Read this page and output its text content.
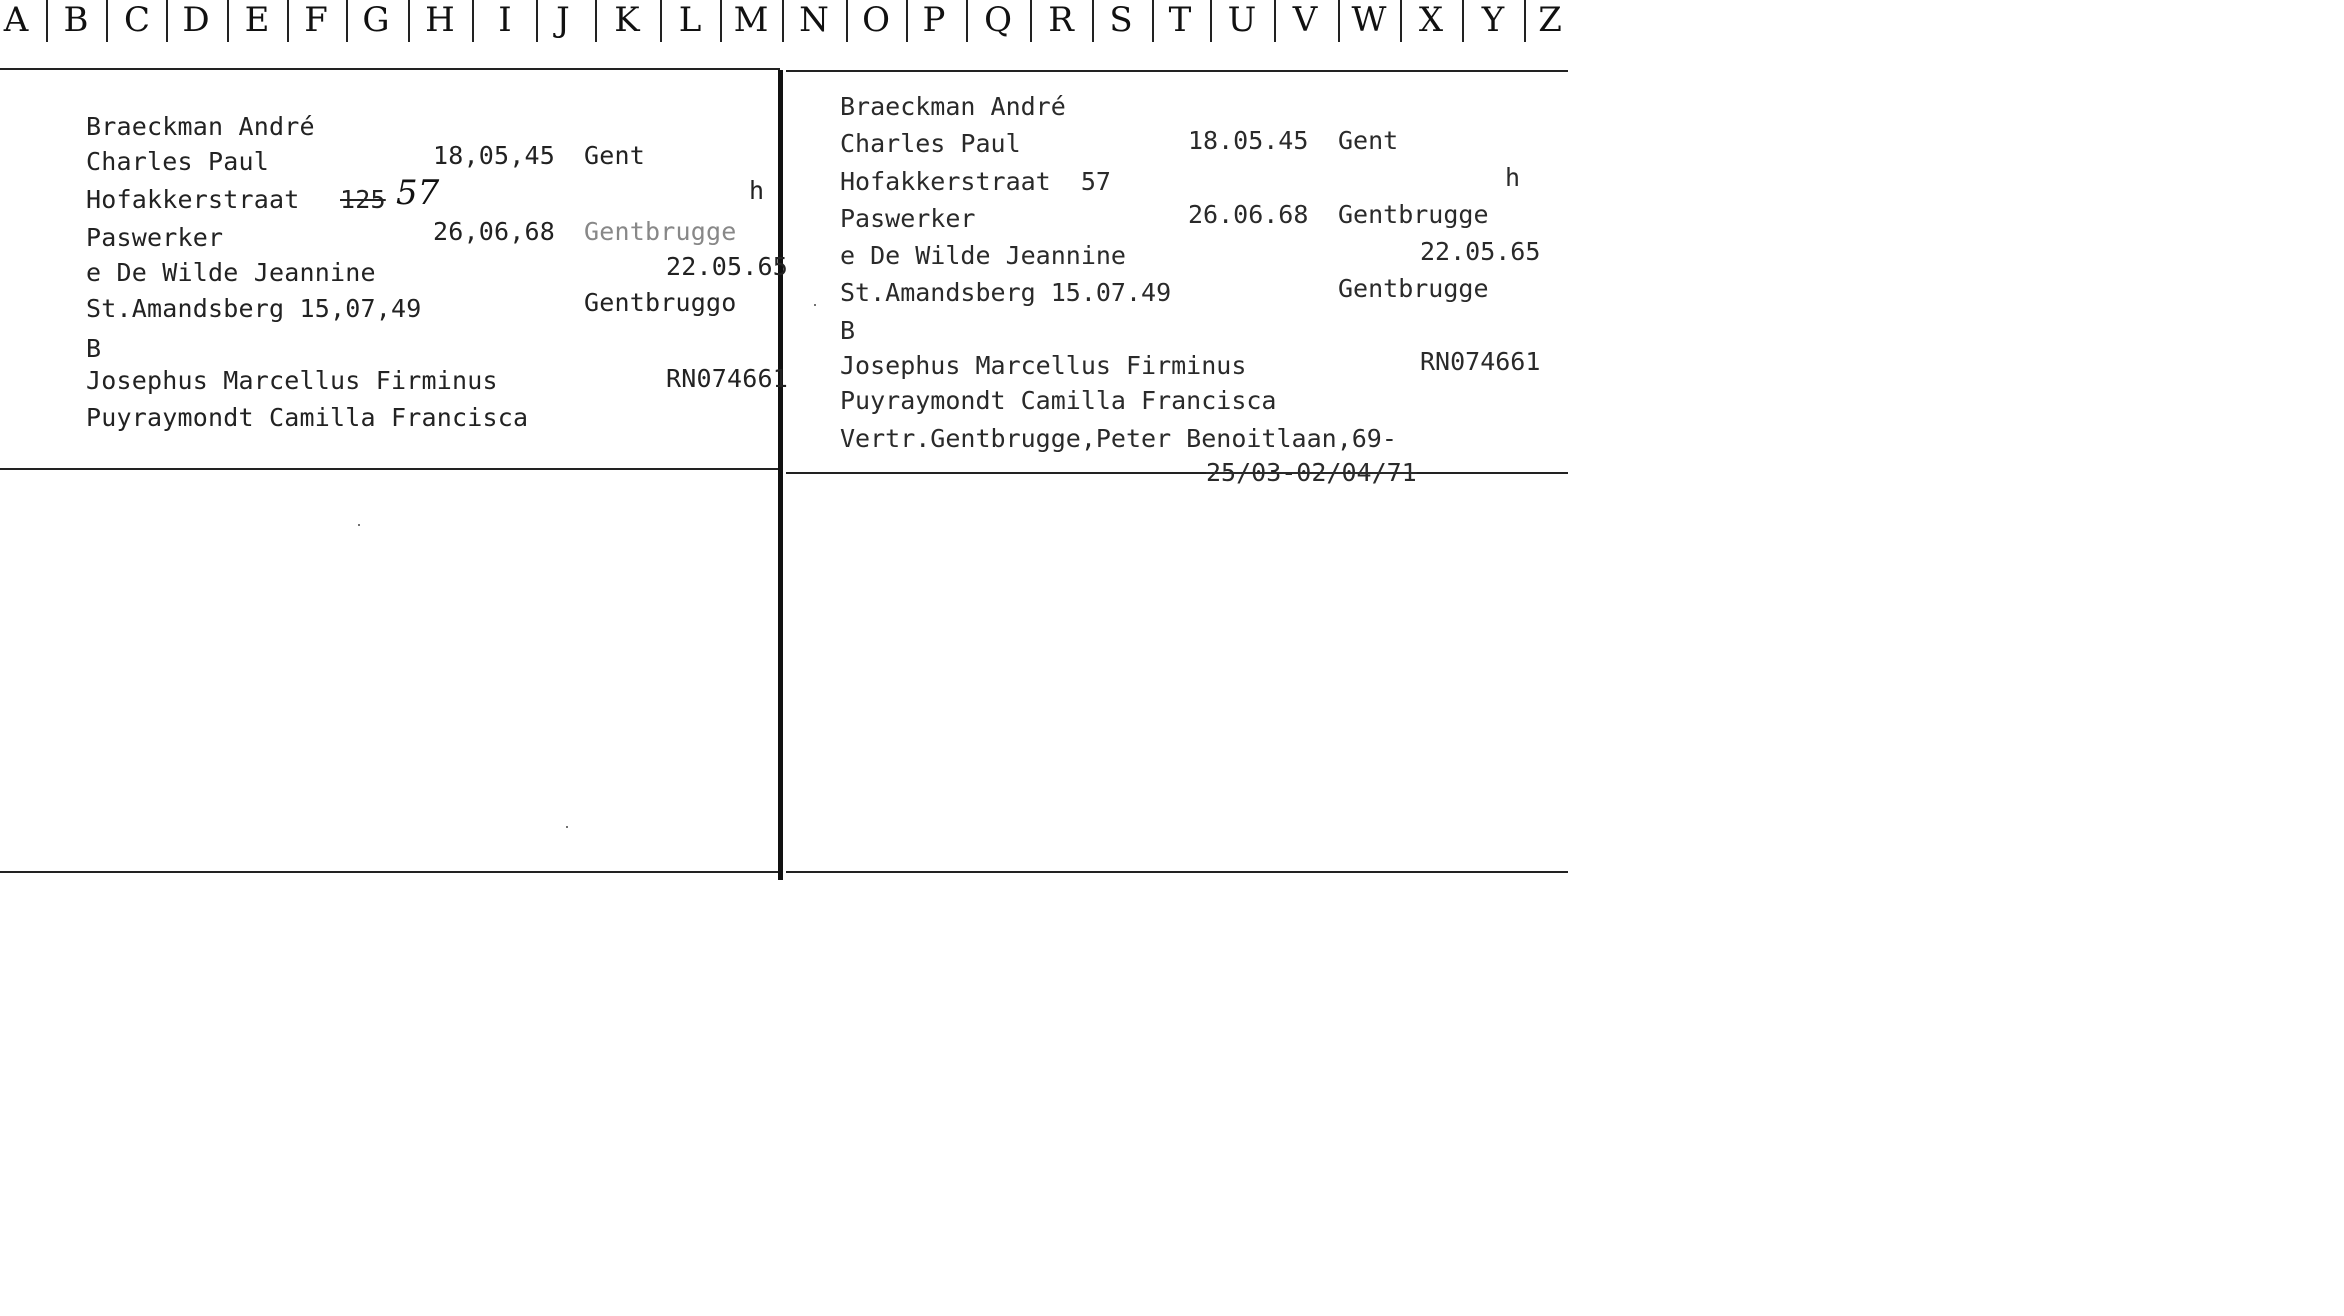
A B C D E F G H	I	J	K L M N O P Q R S T U V W X Y Z
Braeckman André
Charles Paul	18,05,45 Gent
Hofakkerstraat 125 57	h
Paswerker	26,06,68 Gentbrugge
e De Wilde Jeannine	22.05.65
St.Amandsberg 15,07,49	Gentbruggo
B
Josephus Marcellus Firminus	RN074661
Puyraymondt Camilla Francisca
Braeckman André
Charles Paul	18.05.45 Gent
Hofakkerstraat  57	h
Paswerker	26.06.68 Gentbrugge
e De Wilde Jeannine	22.05.65
St.Amandsberg 15.07.49	Gentbrugge
B
Josephus Marcellus Firminus	RN074661
Puyraymondt Camilla Francisca
Vertr.Gentbrugge,Peter Benoitlaan,69-
25/03-02/04/71
